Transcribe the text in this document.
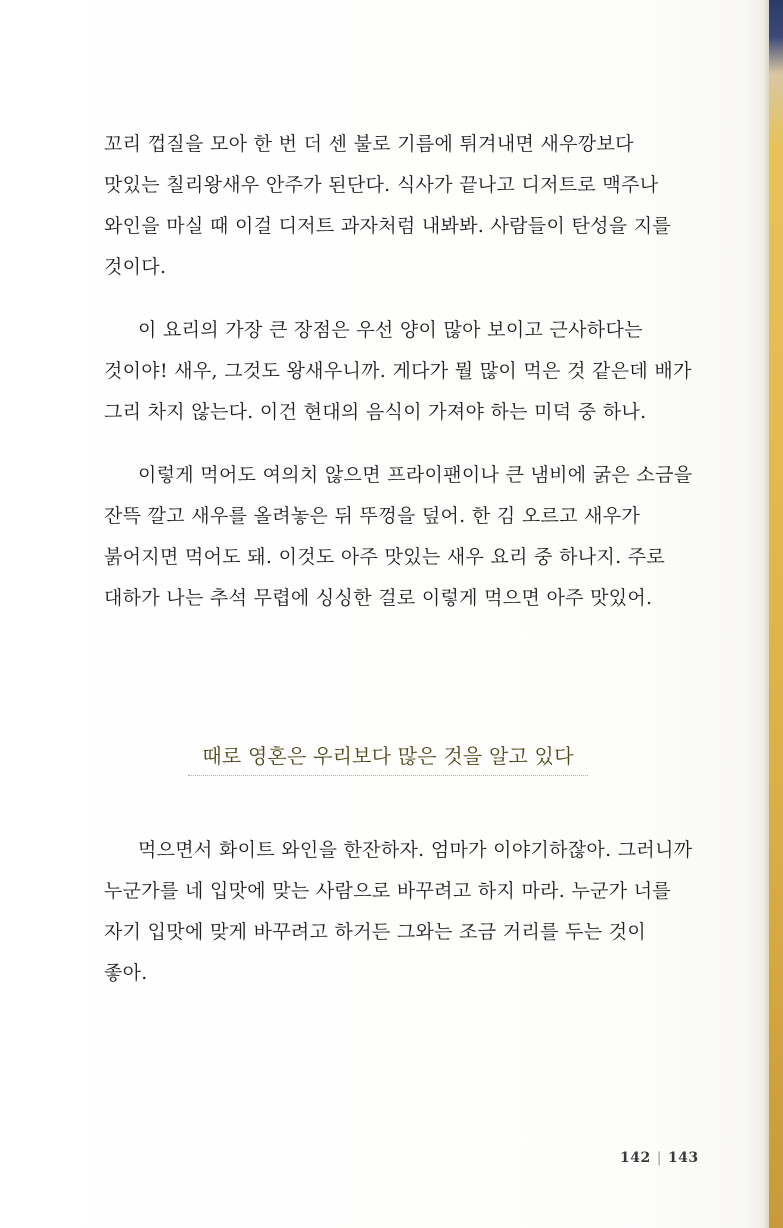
꼬리 껍질을 모아 한 번 더 센 불로 기름에 튀겨내면 새우깡보다 맛있는 칠리왕새우 안주가 된단다. 식사가 끝나고 디저트로 맥주나 와인을 마실 때 이걸 디저트 과자처럼 내봐봐. 사람들이 탄성을 지를 것이다.

이 요리의 가장 큰 장점은 우선 양이 많아 보이고 근사하다는 것이야! 새우, 그것도 왕새우니까. 게다가 뭘 많이 먹은 것 같은데 배가 그리 차지 않는다. 이건 현대의 음식이 가져야 하는 미덕 중 하나.

이렇게 먹어도 여의치 않으면 프라이팬이나 큰 냄비에 굵은 소금을 잔뜩 깔고 새우를 올려놓은 뒤 뚜껑을 덮어. 한 김 오르고 새우가 붉어지면 먹어도 돼. 이것도 아주 맛있는 새우 요리 중 하나지. 주로 대하가 나는 추석 무렵에 싱싱한 걸로 이렇게 먹으면 아주 맛있어.

때로 영혼은 우리보다 많은 것을 알고 있다

먹으면서 화이트 와인을 한잔하자. 엄마가 이야기하잖아. 그러니까 누군가를 네 입맛에 맞는 사람으로 바꾸려고 하지 마라. 누군가 너를 자기 입맛에 맞게 바꾸려고 하거든 그와는 조금 거리를 두는 것이 좋아.

142 | 143
